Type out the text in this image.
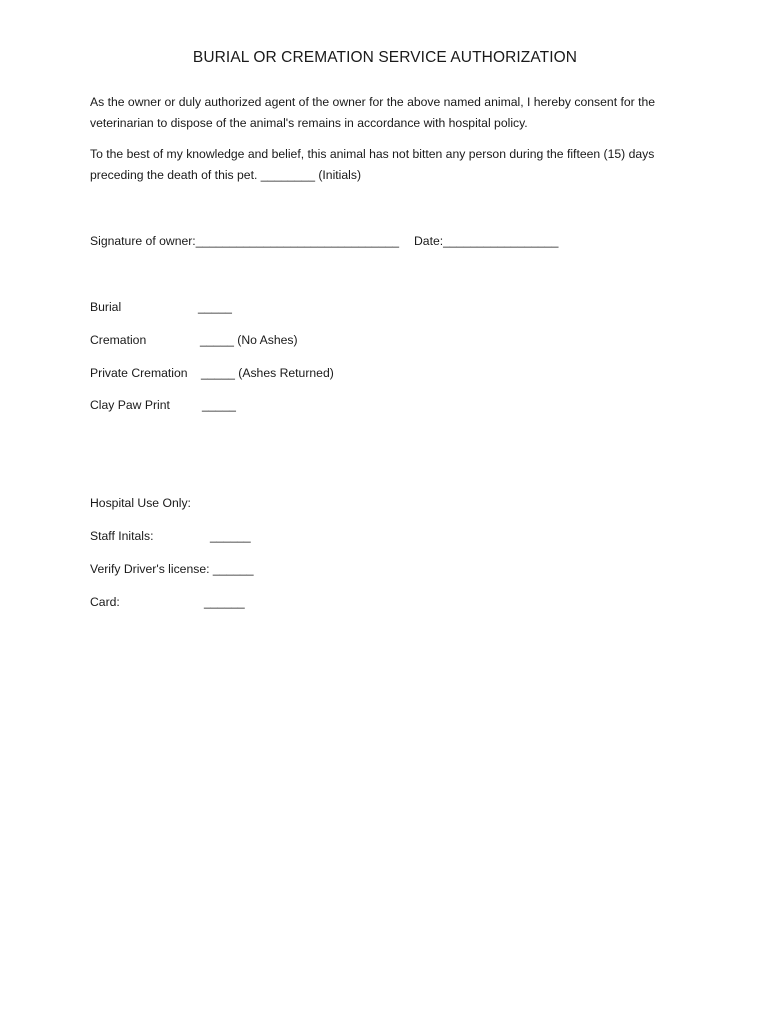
BURIAL OR CREMATION SERVICE AUTHORIZATION

As the owner or duly authorized agent of the owner for the above named animal, I hereby consent for the veterinarian to dispose of the animal's remains in accordance with hospital policy.

To the best of my knowledge and belief, this animal has not bitten any person during the fifteen (15) days preceding the death of this pet. ________ (Initials)

Signature of owner:______________________________ Date:_________________
Burial	_____
Cremation	_____ (No Ashes)
Private Cremation _____ (Ashes Returned)
Clay Paw Print	_____
Hospital Use Only:
Staff Initals:	______
Verify Driver's license: ______
Card:	______
